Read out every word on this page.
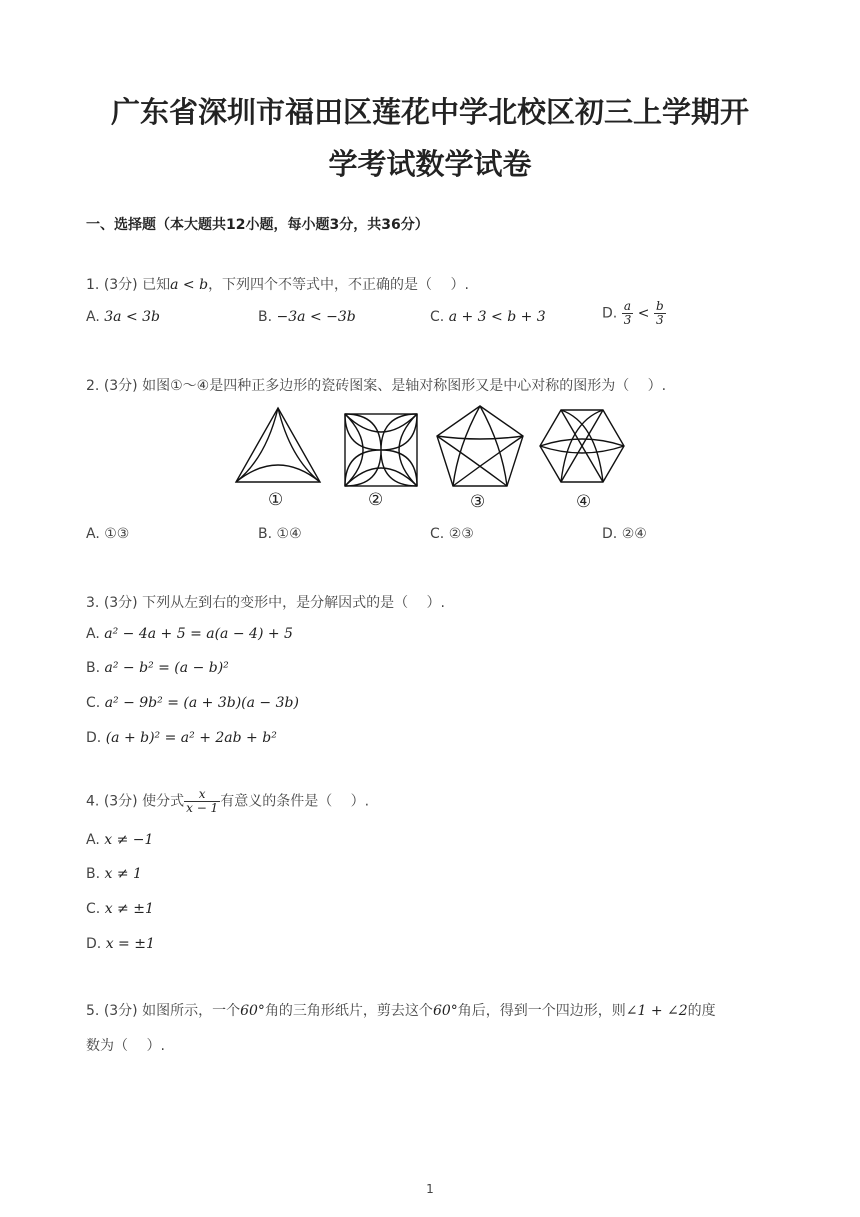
广东省深圳市福田区莲花中学北校区初三上学期开
学考试数学试卷
一、选择题（本大题共12小题，每小题3分，共36分）
1. (3分) 已知a < b，下列四个不等式中，不正确的是（　 ）.
A. 3a < 3b	B. −3a < −3b	C. a + 3 < b + 3	D. $\frac{a}{3} < \frac{b}{3}$
2. (3分) 如图①～④是四种正多边形的瓷砖图案、是轴对称图形又是中心对称的图形为（　 ）.
①	②	③	④
A. ①③	B. ①④	C. ②③	D. ②④
3. (3分) 下列从左到右的变形中，是分解因式的是（　 ）.
A. a² − 4a + 5 = a(a − 4) + 5
B. a² − b² = (a − b)²
C. a² − 9b² = (a + 3b)(a − 3b)
D. (a + b)² = a² + 2ab + b²
4. (3分) 使分式 $\frac{x}{x - 1}$ 有意义的条件是（　 ）.
A. x ≠ −1
B. x ≠ 1
C. x ≠ ±1
D. x = ±1
5. (3分) 如图所示，一个60°角的三角形纸片，剪去这个60°角后，得到一个四边形，则∠1 + ∠2的度
数为（　 ）.
1
